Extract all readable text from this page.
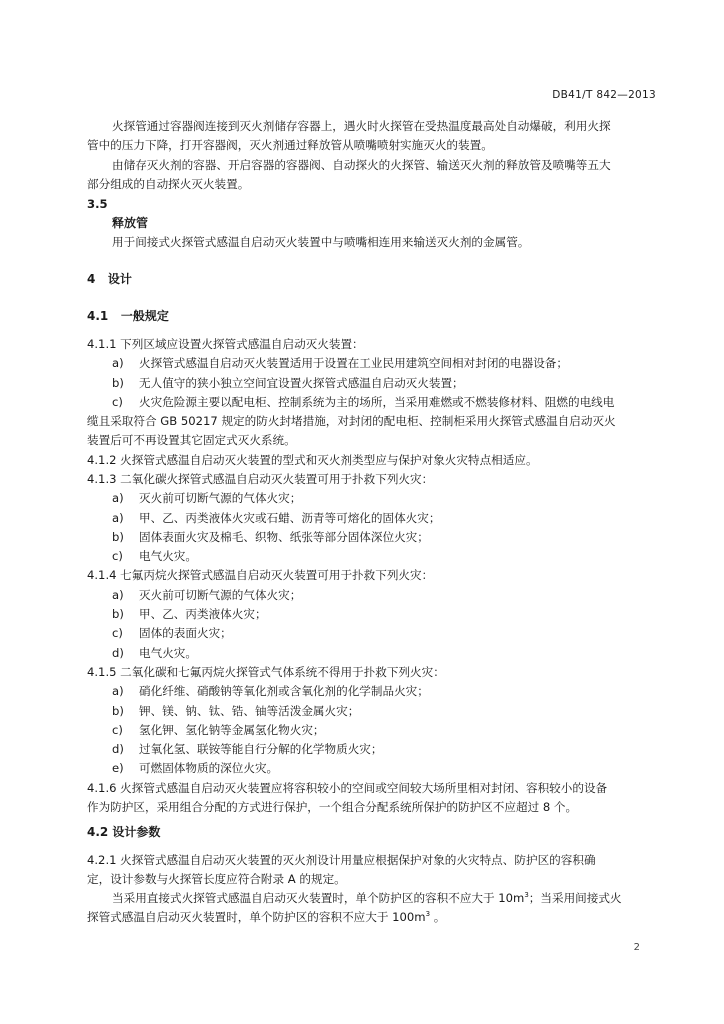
DB41/T 842—2013
火探管通过容器阀连接到灭火剂储存容器上，遇火时火探管在受热温度最高处自动爆破，利用火探
管中的压力下降，打开容器阀，灭火剂通过释放管从喷嘴喷射实施灭火的装置。
由储存灭火剂的容器、开启容器的容器阀、自动探火的火探管、输送灭火剂的释放管及喷嘴等五大
部分组成的自动探火灭火装置。
3.5
释放管
用于间接式火探管式感温自启动灭火装置中与喷嘴相连用来输送灭火剂的金属管。
4 设计
4.1 一般规定
4.1.1 下列区域应设置火探管式感温自启动灭火装置：
a) 火探管式感温自启动灭火装置适用于设置在工业民用建筑空间相对封闭的电器设备；
b) 无人值守的狭小独立空间宜设置火探管式感温自启动灭火装置；
c) 火灾危险源主要以配电柜、控制系统为主的场所，当采用难燃或不燃装修材料、阻燃的电线电
缆且采取符合 GB 50217 规定的防火封堵措施，对封闭的配电柜、控制柜采用火探管式感温自启动灭火
装置后可不再设置其它固定式灭火系统。
4.1.2 火探管式感温自启动灭火装置的型式和灭火剂类型应与保护对象火灾特点相适应。
4.1.3 二氧化碳火探管式感温自启动灭火装置可用于扑救下列火灾：
a) 灭火前可切断气源的气体火灾；
a) 甲、乙、丙类液体火灾或石蜡、沥青等可熔化的固体火灾；
b) 固体表面火灾及棉毛、织物、纸张等部分固体深位火灾；
c) 电气火灾。
4.1.4 七氟丙烷火探管式感温自启动灭火装置可用于扑救下列火灾：
a) 灭火前可切断气源的气体火灾；
b) 甲、乙、丙类液体火灾；
c) 固体的表面火灾；
d) 电气火灾。
4.1.5 二氧化碳和七氟丙烷火探管式气体系统不得用于扑救下列火灾：
a) 硝化纤维、硝酸钠等氧化剂或含氧化剂的化学制品火灾；
b) 钾、镁、钠、钛、锆、铀等活泼金属火灾；
c) 氢化钾、氢化钠等金属氢化物火灾；
d) 过氧化氢、联铵等能自行分解的化学物质火灾；
e) 可燃固体物质的深位火灾。
4.1.6 火探管式感温自启动灭火装置应将容积较小的空间或空间较大场所里相对封闭、容积较小的设备
作为防护区，采用组合分配的方式进行保护，一个组合分配系统所保护的防护区不应超过 8 个。
4.2 设计参数
4.2.1 火探管式感温自启动灭火装置的灭火剂设计用量应根据保护对象的火灾特点、防护区的容积确
定，设计参数与火探管长度应符合附录 A 的规定。
当采用直接式火探管式感温自启动灭火装置时，单个防护区的容积不应大于 $10m^3$；当采用间接式火
探管式感温自启动灭火装置时，单个防护区的容积不应大于 $100m^3$ 。
2
